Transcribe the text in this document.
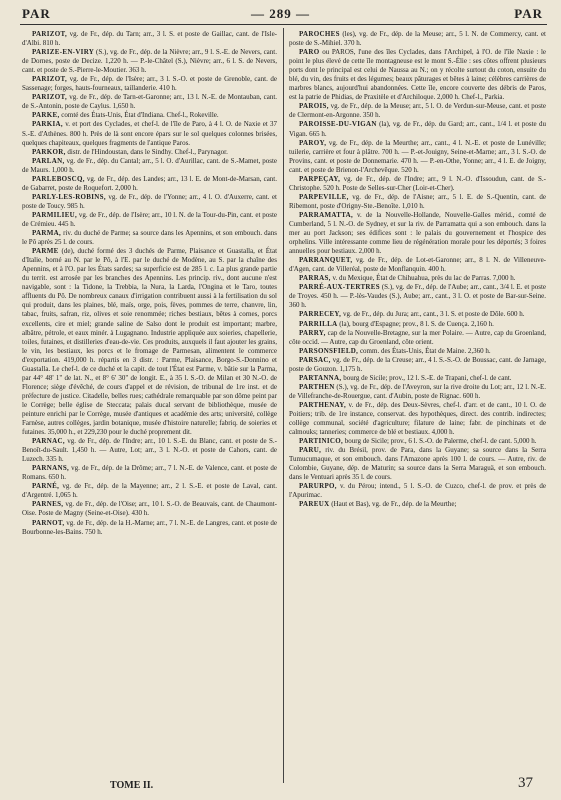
PAR	— 289 —	PAR

PARIZOT, vg. de Fr., dép. du Tarn; arr., 3 l. S. et poste de Gaillac, cant. de l'Isle-d'Albi. 810 h.

PARIZE-EN-VIRY (S.), vg. de Fr., dép. de la Nièvre; arr., 9 l. S.-E. de Nevers, cant. de Dornes, poste de Decize. 1,220 h. — P.-le-Châtel (S.), Nièvre; arr., 6 l. S. de Nevers, cant. et poste de S.-Pierre-le-Moutier. 363 h.

PARIZOT, vg. de Fr., dép. de l'Isère; arr., 3 l. S.-O. et poste de Grenoble, cant. de Sassenage; forges, hauts-fourneaux, taillanderie. 410 h.

PARIZOT, vg. de Fr., dép. de Tarn-et-Garonne; arr., 13 l. N.-E. de Montauban, cant. de S.-Antonin, poste de Caylus. 1,650 h.

PARKE, comté des États-Unis, État d'Indiana. Chef-l., Rokeville.

PARKIA, v. et port des Cyclades, et chef-l. de l'île de Paro, à 4 l. O. de Naxie et 37 S.-E. d'Athènes. 800 h. Près de là sont encore épars sur le sol quelques colonnes brisées, quelques chapiteaux, quelques fragments de l'antique Paros.

PARKOR, distr. de l'Hindoustan, dans le Sindhy. Chef-l., Parynagor.

PARLAN, vg. de Fr., dép. du Cantal; arr., 5 l. O. d'Aurillac, cant. de S.-Mamet, poste de Maurs. 1,000 h.

PARLEBOSCQ, vg. de Fr., dép. des Landes; arr., 13 l. E. de Mont-de-Marsan, cant. de Gabarret, poste de Roquefort. 2,000 h.

PARLY-LES-ROBINS, vg. de Fr., dép. de l'Yonne; arr., 4 l. O. d'Auxerre, cant. et poste de Toucy. 985 h.

PARMILIEU, vg. de Fr., dép. de l'Isère; arr., 10 l. N. de la Tour-du-Pin, cant. et poste de Crémieu. 445 h.

PARMA, riv. du duché de Parme; sa source dans les Apennins, et son embouch. dans le Pô après 25 l. de cours.

PARME (de), duché formé des 3 duchés de Parme, Plaisance et Guastalla, et État d'Italie, borné au N. par le Pô, à l'E. par le duché de Modène, au S. par la chaîne des Apennins, et à l'O. par les États sardes; sa superficie est de 285 l. c. La plus grande partie du territ. est arrosée par les branches des Apennins. Les princip. riv., dont aucune n'est navigable, sont : la Tidone, la Trebbia, la Nura, la Larda, l'Ongina et le Taro, toutes affluents du Pô. De nombreux canaux d'irrigation contribuent aussi à la fertilisation du sol qui produit, dans les plaines, blé, maïs, orge, pois, fèves, pommes de terre, chanvre, lin, tabac, fruits, safran, riz, olives et soie renommée; riches bestiaux, bêtes à cornes, porcs excellents, cire et miel; grande saline de Salso dont le produit est important; marbre, albâtre, pétrole, et eaux minér. à Lugagnano. Industrie appliquée aux soieries, chapellerie, toiles, futaines, et distilleries d'eau-de-vie. Ces produits, auxquels il faut ajouter les grains, le vin, les bestiaux, les porcs et le fromage de Parmesan, alimentent le commerce d'exportation. 419,000 h. répartis en 3 distr. : Parme, Plaisance, Borgo-S.-Donnino et Guastalla. Le chef-l. de ce duché et la capit. de tout l'État est Parme, v. bâtie sur la Parma, par 44° 48' 1" de lat. N., et 8° 6' 30" de longit. E., à 35 l. S.-O. de Milan et 30 N.-O. de Florence; siège d'évêché, de cours d'appel et de révision, de tribunal de 1re inst. et de préfecture de justice. Citadelle, belles rues; cathédrale remarquable par son dôme peint par le Corrège; belle église de Steccata; palais ducal servant de bibliothèque, musée de peinture enrichi par le Corrège, musée d'antiques et académie des arts; université, collège Farnèse, autres collèges, jardin botanique, musée d'histoire naturelle; fabriq. de soieries et futaines. 35,000 h., et 229,230 pour le duché proprement dit.

PARNAC, vg. de Fr., dép. de l'Indre; arr., 10 l. S.-E. du Blanc, cant. et poste de S.-Benoît-du-Sault. 1,450 h. — Autre, Lot; arr., 3 l. N.-O. et poste de Cahors, cant. de Luzech. 335 h.

PARNANS, vg. de Fr., dép. de la Drôme; arr., 7 l. N.-E. de Valence, cant. et poste de Romans. 650 h.

PARNÉ, vg. de Fr., dép. de la Mayenne; arr., 2 l. S.-E. et poste de Laval, cant. d'Argentré. 1,065 h.

PARNES, vg. de Fr., dép. de l'Oise; arr., 10 l. S.-O. de Beauvais, cant. de Chaumont-Oise. Poste de Magny (Seine-et-Oise). 430 h.

PARNOT, vg. de Fr., dép. de la H.-Marne; arr., 7 l. N.-E. de Langres, cant. et poste de Bourbonne-les-Bains. 750 h.

PAROCHES (les), vg. de Fr., dép. de la Meuse; arr., 5 l. N. de Commercy, cant. et poste de S.-Mihiel. 370 h.

PARO ou PAROS, l'une des îles Cyclades, dans l'Archipel, à l'O. de l'île Naxie : le point le plus élevé de cette île montagneuse est le mont S.-Élie : ses côtes offrent plusieurs ports dont le principal est celui de Naussa au N.; on y récolte surtout du coton, ensuite du blé, du vin, des fruits et des légumes; beaux pâturages et bêtes à laine; célèbres carrières de marbres blancs, aujourd'hui abandonnées. Cette île, encore couverte des débris de Paros, est la patrie de Phidias, de Praxitèle et d'Archiloque. 2,000 h. Chef-l., Parkia.

PAROIS, vg. de Fr., dép. de la Meuse; arr., 5 l. O. de Verdun-sur-Meuse, cant. et poste de Clermont-en-Argonne. 350 h.

PAROISSE-DU-VIGAN (la), vg. de Fr., dép. du Gard; arr., cant., 1/4 l. et poste du Vigan. 665 h.

PAROY, vg. de Fr., dép. de la Meurthe; arr., cant., 4 l. N.-E. et poste de Lunéville; tuilerie, carrière et four à plâtre. 700 h. — P.-et-Jouigny, Seine-et-Marne; arr., 3 l. S.-O. de Provins, cant. et poste de Donnemarie. 470 h. — P.-en-Othe, Yonne; arr., 4 l. E. de Joigny, cant. et poste de Brienon-l'Archevêque. 520 h.

PARPEÇAY, vg. de Fr., dép. de l'Indre; arr., 9 l. N.-O. d'Issoudun, cant. de S.-Christophe. 520 h. Poste de Selles-sur-Cher (Loir-et-Cher).

PARPEVILLE, vg. de Fr., dép. de l'Aisne; arr., 5 l. E. de S.-Quentin, cant. de Ribemont, poste d'Origny-Ste.-Benoîte. 1,010 h.

PARRAMATTA, v. de la Nouvelle-Hollande, Nouvelle-Galles mérid., comté de Cumberland, 5 l. N.-O. de Sydney, et sur la riv. de Parramatta qui a son embouch. dans la mer au port Jackson; ses édifices sont : le palais du gouvernement et l'hospice des orphelins. Ville intéressante comme lieu de régénération morale pour les déportés; 3 foires annuelles pour bestiaux. 2,000 h.

PARRANQUET, vg. de Fr., dép. de Lot-et-Garonne; arr., 8 l. N. de Villeneuve-d'Agen, cant. de Villeréal, poste de Monflanquin. 400 h.

PARRAS, v. du Mexique, État de Chihuahua, près du lac de Parras. 7,000 h.

PARRÉ-AUX-TERTRES (S.), vg. de Fr., dép. de l'Aube; arr., cant., 3/4 l. E. et poste de Troyes. 450 h. — P.-lès-Vaudes (S.), Aube; arr., cant., 3 l. O. et poste de Bar-sur-Seine. 360 h.

PARRECEY, vg. de Fr., dép. du Jura; arr., cant., 3 l. S. et poste de Dôle. 600 h.

PARRILLA (la), bourg d'Espagne; prov., 8 l. S. de Cuença. 2,160 h.

PARRY, cap de la Nouvelle-Bretagne, sur la mer Polaire. — Autre, cap du Groenland, côte occid. — Autre, cap du Groenland, côte orient.

PARSONSFIELD, comm. des États-Unis, État de Maine. 2,360 h.

PARSAC, vg. de Fr., dép. de la Creuse; arr., 4 l. S.-S.-O. de Boussac, cant. de Jarnage, poste de Gouzon. 1,175 h.

PARTANNA, bourg de Sicile; prov., 12 l. S.-E. de Trapani, chef-l. de cant.

PARTHEN (S.), vg. de Fr., dép. de l'Aveyron, sur la rive droite du Lot; arr., 12 l. N.-E. de Villefranche-de-Rouergue, cant. d'Aubin, poste de Rignac. 600 h.

PARTHENAY, v. de Fr., dép. des Deux-Sèvres, chef-l. d'arr. et de cant., 10 l. O. de Poitiers; trib. de 1re instance, conservat. des hypothèques, direct. des contrib. indirectes; collège communal, société d'agriculture; filature de laine; fabr. de pinchinats et de calmouks; tanneries; commerce de blé et bestiaux. 4,000 h.

PARTINICO, bourg de Sicile; prov., 6 l. S.-O. de Palerme, chef-l. de cant. 5,000 h.

PARU, riv. du Brésil, prov. de Para, dans la Guyane; sa source dans la Serra Tumucumaque, et son embouch. dans l'Amazone après 100 l. de cours. — Autre, riv. de Colombie, Guyane, dép. de Maturin; sa source dans la Serra Maraguä, et son embouch. dans le Ventuari après 35 l. de cours.

PARURPO, v. du Pérou; intend., 5 l. S.-O. de Cuzco, chef-l. de prov. et près de l'Apurimac.

PAREUX (Haut et Bas), vg. de Fr., dép. de la Meurthe;

TOME II.	37
